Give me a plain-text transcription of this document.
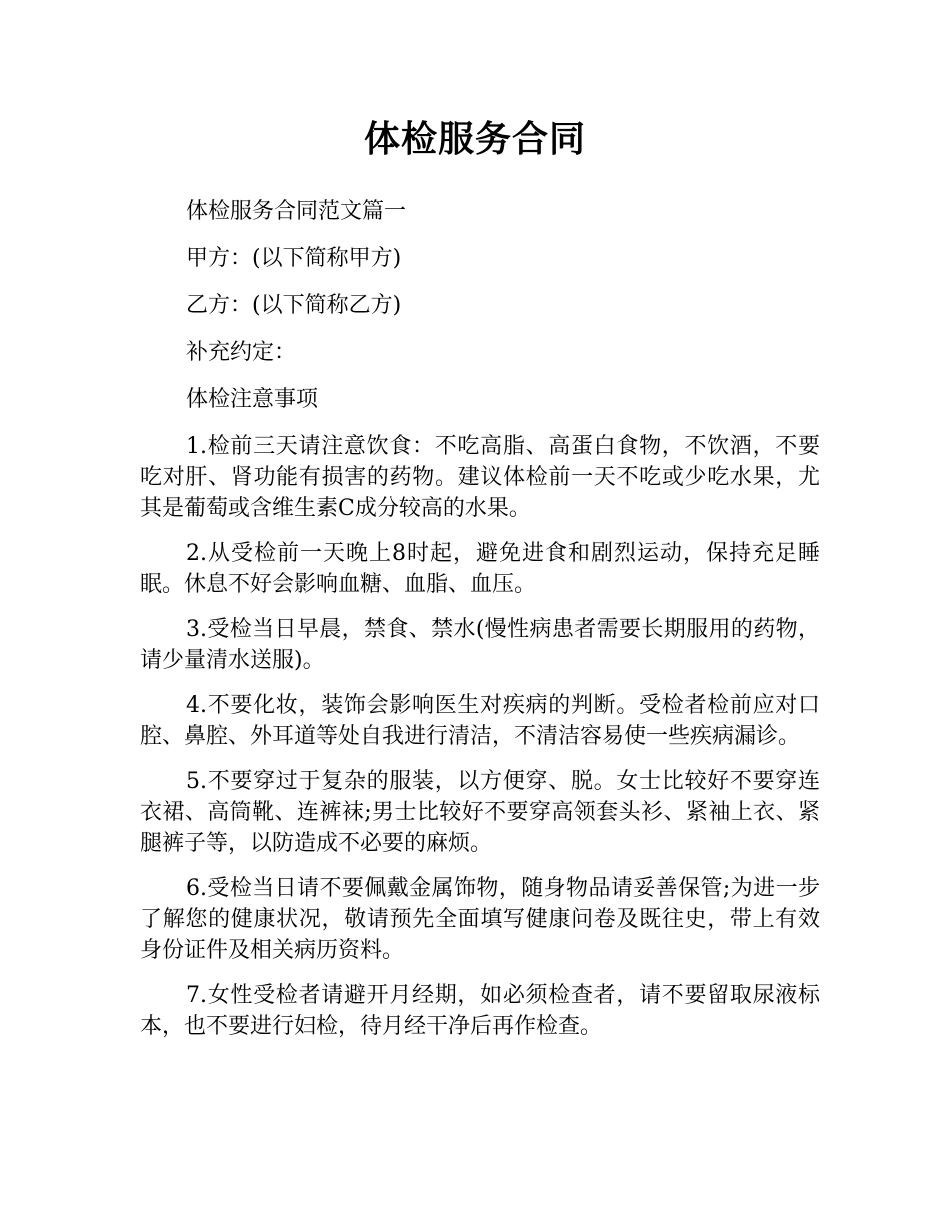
体检服务合同

体检服务合同范文篇一

甲方：(以下简称甲方)

乙方：(以下简称乙方)

补充约定：

体检注意事项

1.检前三天请注意饮食：不吃高脂、高蛋白食物，不饮酒，不要吃对肝、肾功能有损害的药物。建议体检前一天不吃或少吃水果，尤其是葡萄或含维生素C成分较高的水果。

2.从受检前一天晚上8时起，避免进食和剧烈运动，保持充足睡眠。休息不好会影响血糖、血脂、血压。

3.受检当日早晨，禁食、禁水(慢性病患者需要长期服用的药物，请少量清水送服)。

4.不要化妆，装饰会影响医生对疾病的判断。受检者检前应对口腔、鼻腔、外耳道等处自我进行清洁，不清洁容易使一些疾病漏诊。

5.不要穿过于复杂的服装，以方便穿、脱。女士比较好不要穿连衣裙、高筒靴、连裤袜;男士比较好不要穿高领套头衫、紧袖上衣、紧腿裤子等，以防造成不必要的麻烦。

6.受检当日请不要佩戴金属饰物，随身物品请妥善保管;为进一步了解您的健康状况，敬请预先全面填写健康问卷及既往史，带上有效身份证件及相关病历资料。

7.女性受检者请避开月经期，如必须检查者，请不要留取尿液标本，也不要进行妇检，待月经干净后再作检查。
